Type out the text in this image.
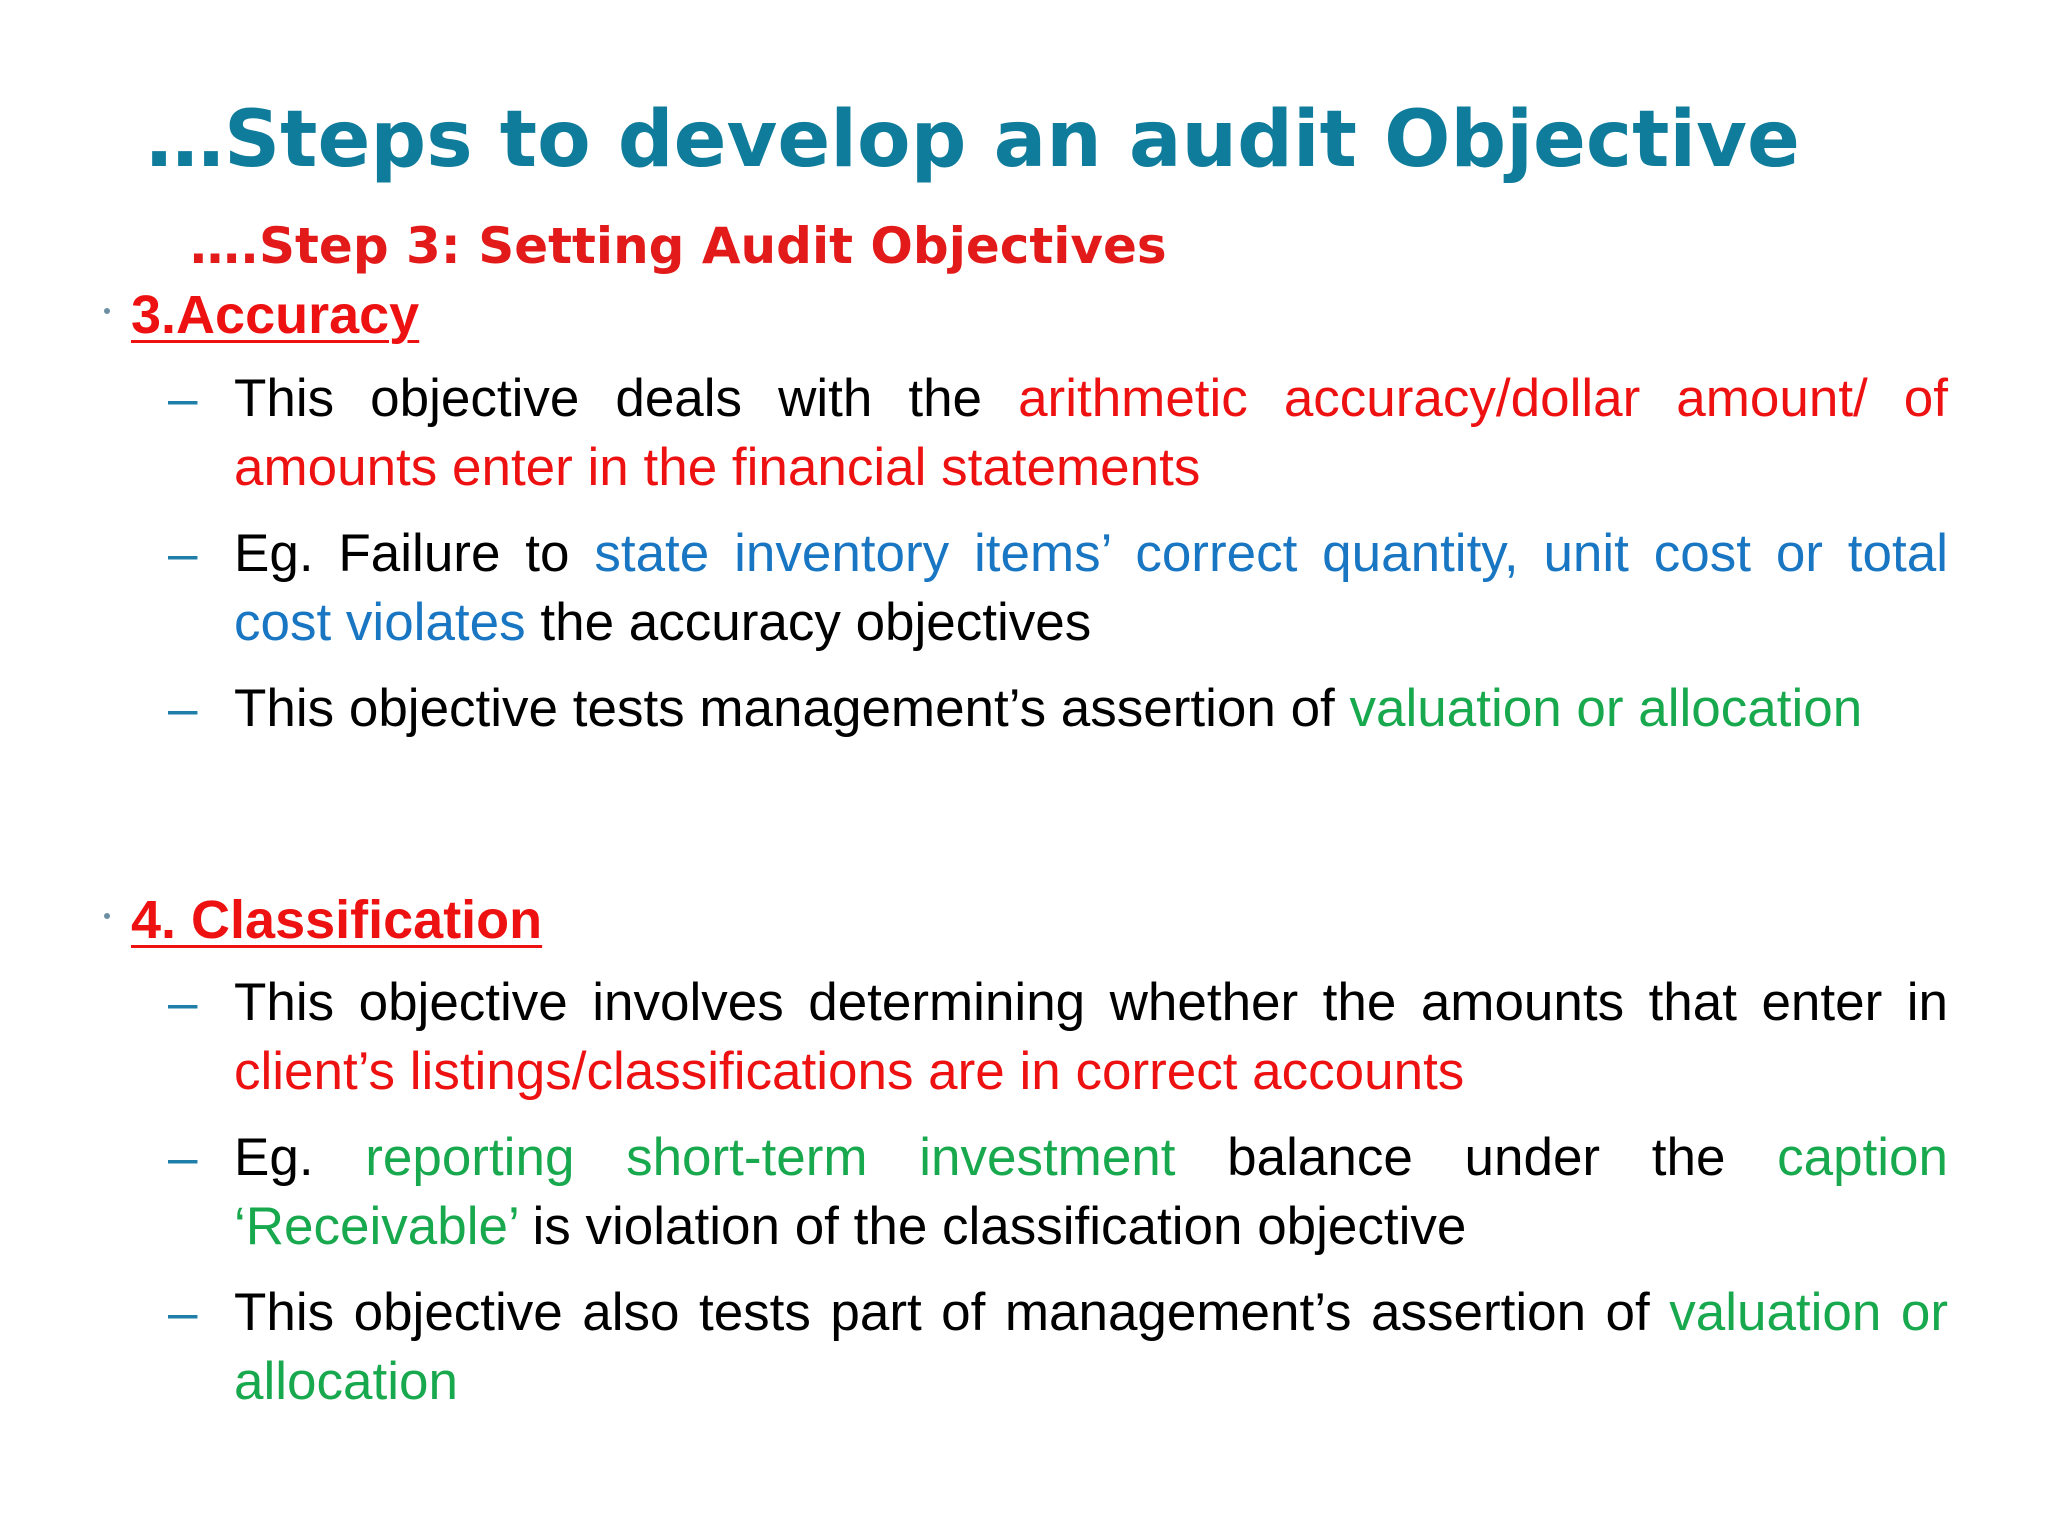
…Steps to develop an audit Objective
….Step 3: Setting Audit Objectives
3.Accuracy
– This objective deals with the arithmetic accuracy/dollar amount/ of amounts enter in the financial statements
– Eg. Failure to state inventory items’ correct quantity, unit cost or total cost violates the accuracy objectives
– This objective tests management’s assertion of valuation or allocation
4. Classification
– This objective involves determining whether the amounts that enter in client’s listings/classifications are in correct accounts
– Eg. reporting short-term investment balance under the caption ‘Receivable’ is violation of the classification objective
– This objective also tests part of management’s assertion of valuation or allocation
